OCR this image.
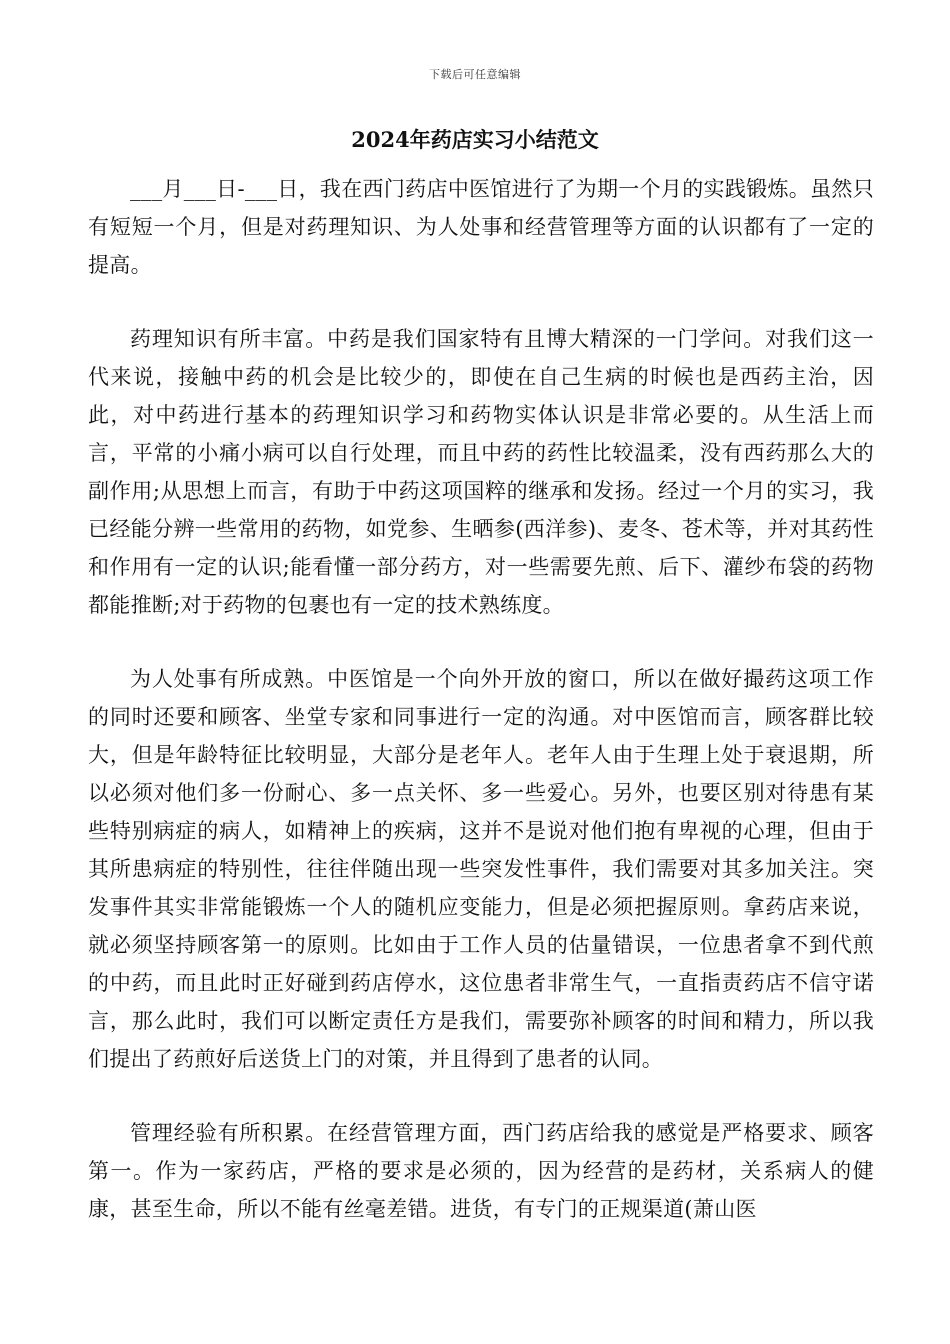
下载后可任意编辑
2024年药店实习小结范文

___月___日-___日，我在西门药店中医馆进行了为期一个月的实践锻炼。虽然只有短短一个月，但是对药理知识、为人处事和经营管理等方面的认识都有了一定的提高。

药理知识有所丰富。中药是我们国家特有且博大精深的一门学问。对我们这一代来说，接触中药的机会是比较少的，即使在自己生病的时候也是西药主治，因此，对中药进行基本的药理知识学习和药物实体认识是非常必要的。从生活上而言，平常的小痛小病可以自行处理，而且中药的药性比较温柔，没有西药那么大的副作用;从思想上而言，有助于中药这项国粹的继承和发扬。经过一个月的实习，我已经能分辨一些常用的药物，如党参、生晒参(西洋参)、麦冬、苍术等，并对其药性和作用有一定的认识;能看懂一部分药方，对一些需要先煎、后下、灌纱布袋的药物都能推断;对于药物的包裹也有一定的技术熟练度。

为人处事有所成熟。中医馆是一个向外开放的窗口，所以在做好撮药这项工作的同时还要和顾客、坐堂专家和同事进行一定的沟通。对中医馆而言，顾客群比较大，但是年龄特征比较明显，大部分是老年人。老年人由于生理上处于衰退期，所以必须对他们多一份耐心、多一点关怀、多一些爱心。另外，也要区别对待患有某些特别病症的病人，如精神上的疾病，这并不是说对他们抱有卑视的心理，但由于其所患病症的特别性，往往伴随出现一些突发性事件，我们需要对其多加关注。突发事件其实非常能锻炼一个人的随机应变能力，但是必须把握原则。拿药店来说，就必须坚持顾客第一的原则。比如由于工作人员的估量错误，一位患者拿不到代煎的中药，而且此时正好碰到药店停水，这位患者非常生气，一直指责药店不信守诺言，那么此时，我们可以断定责任方是我们，需要弥补顾客的时间和精力，所以我们提出了药煎好后送货上门的对策，并且得到了患者的认同。

管理经验有所积累。在经营管理方面，西门药店给我的感觉是严格要求、顾客第一。作为一家药店，严格的要求是必须的，因为经营的是药材，关系病人的健康，甚至生命，所以不能有丝毫差错。进货，有专门的正规渠道(萧山医
